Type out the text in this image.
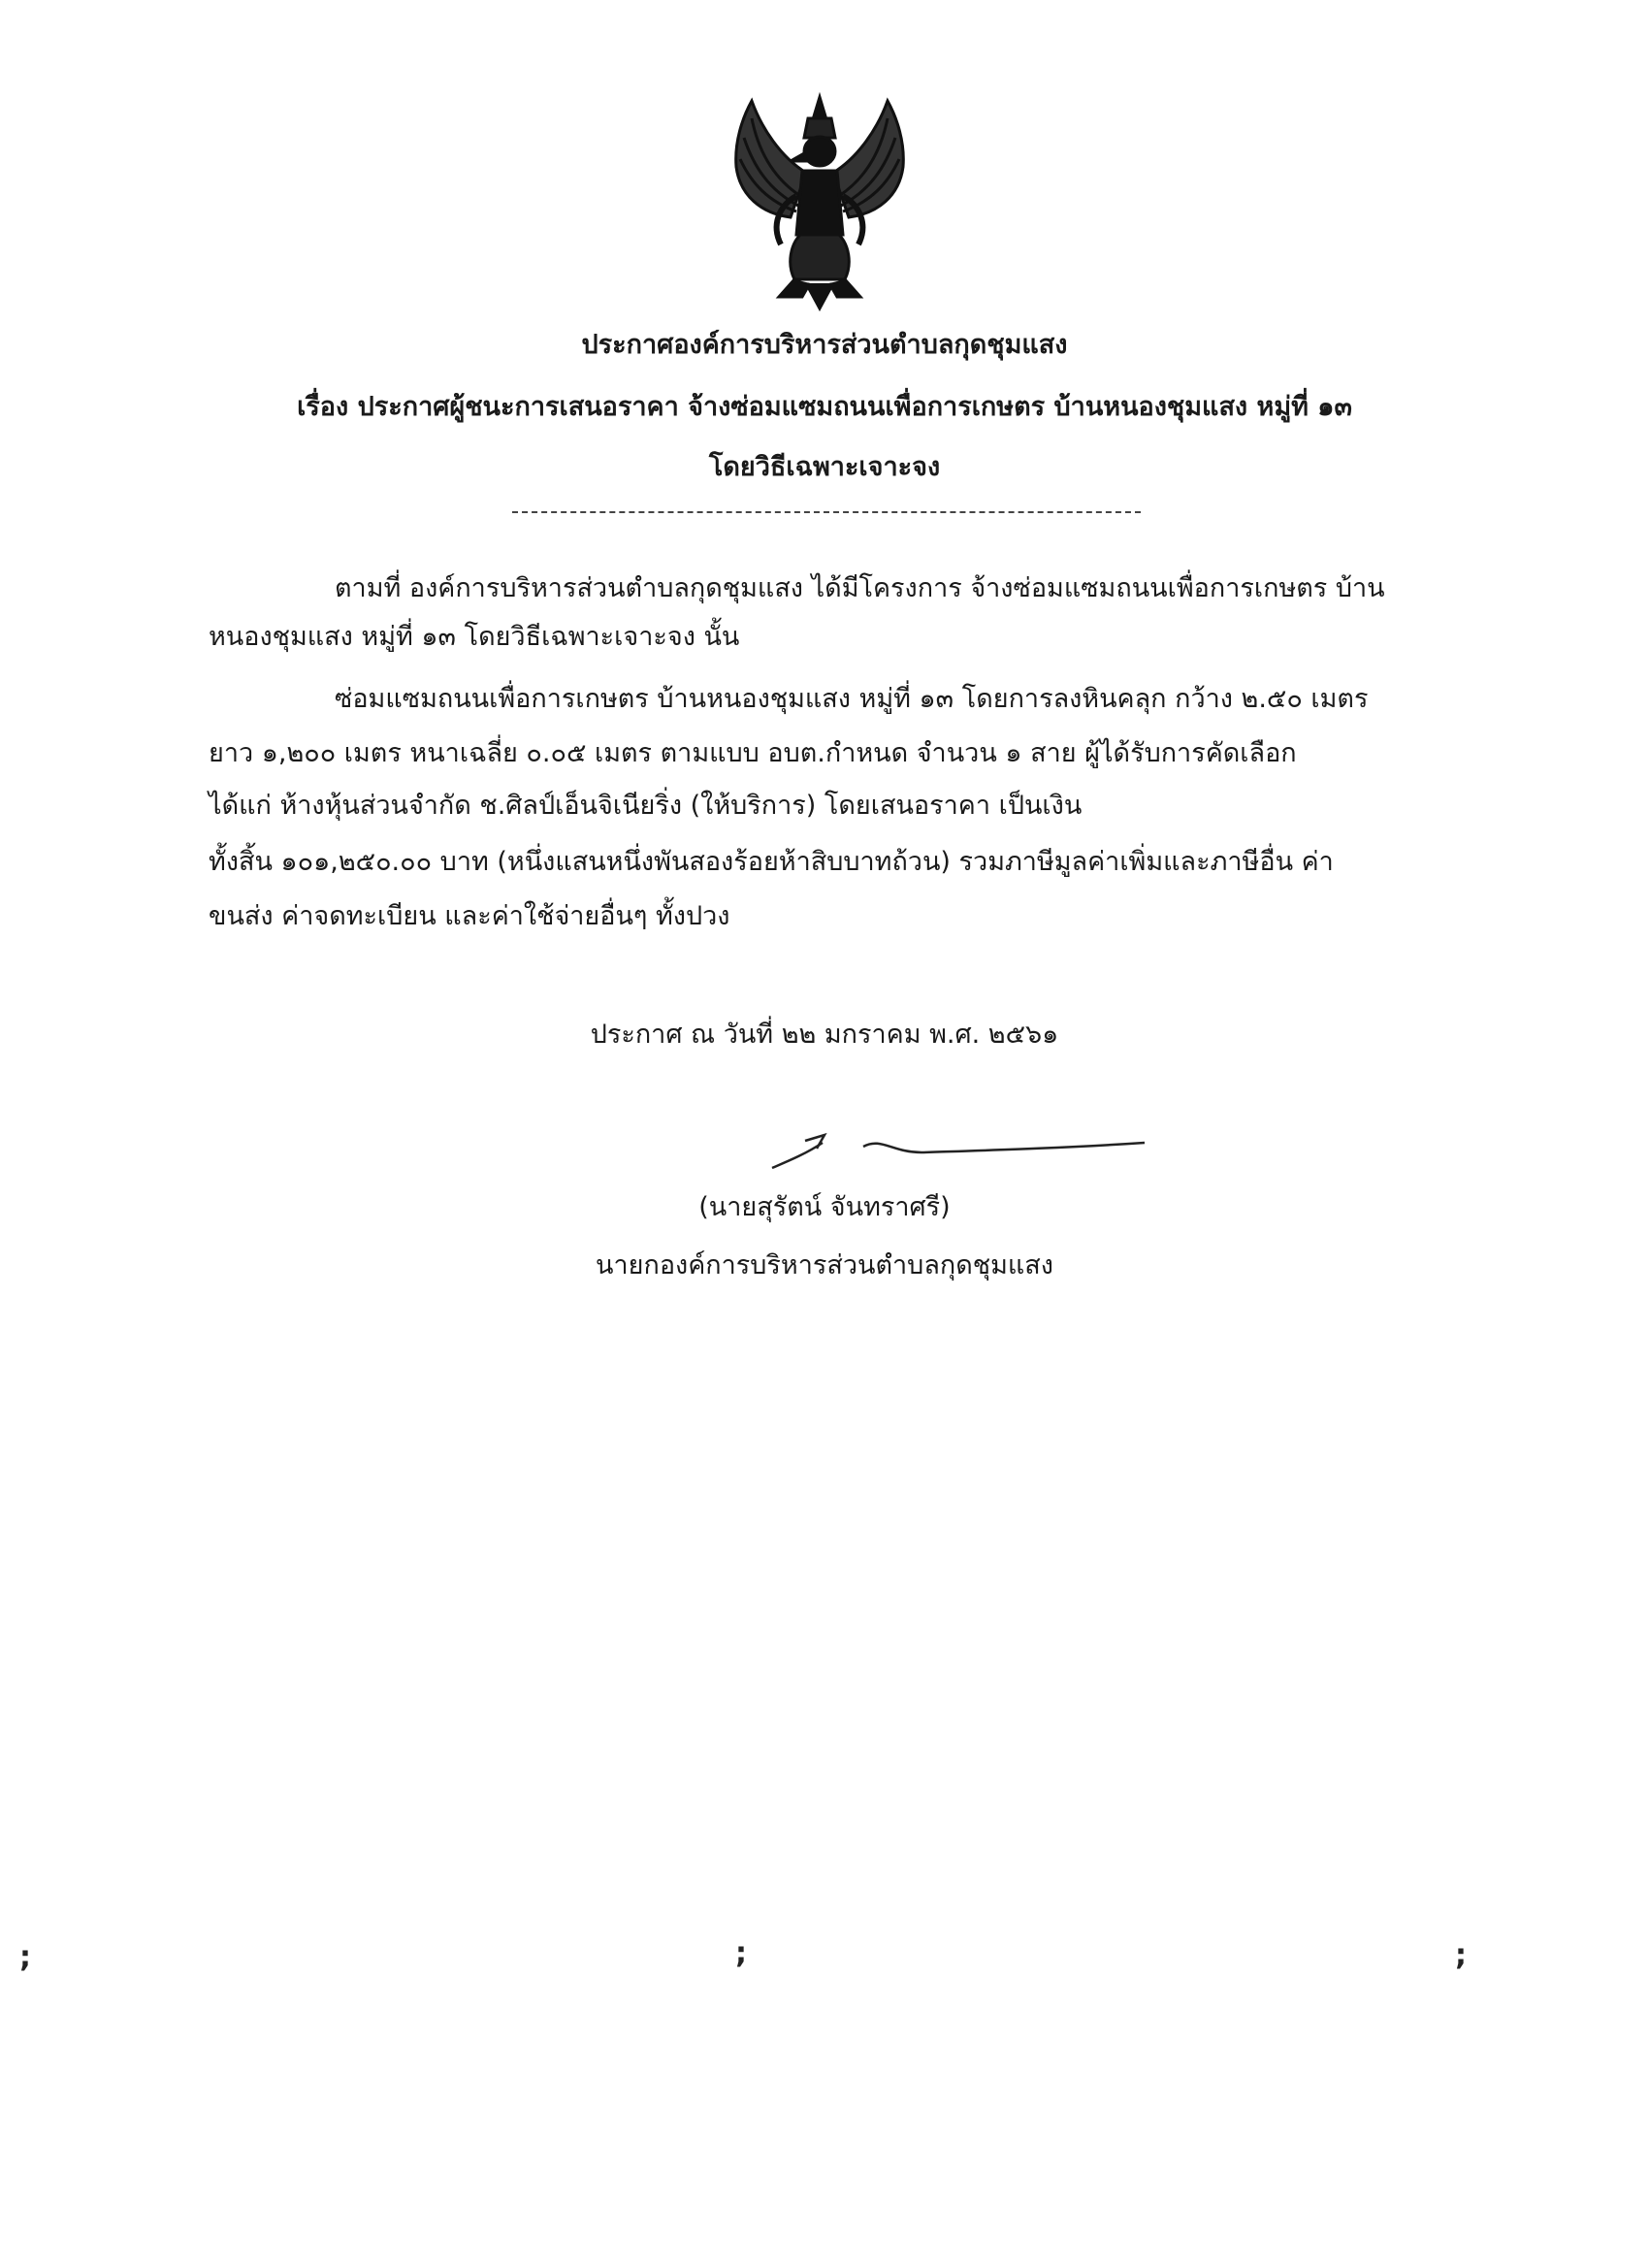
ประกาศองค์การบริหารส่วนตำบลกุดชุมแสง
เรื่อง ประกาศผู้ชนะการเสนอราคา จ้างซ่อมแซมถนนเพื่อการเกษตร บ้านหนองชุมแสง หมู่ที่ ๑๓
โดยวิธีเฉพาะเจาะจง
ตามที่ องค์การบริหารส่วนตำบลกุดชุมแสง ได้มีโครงการ จ้างซ่อมแซมถนนเพื่อการเกษตร บ้าน
หนองชุมแสง หมู่ที่ ๑๓ โดยวิธีเฉพาะเจาะจง นั้น
ซ่อมแซมถนนเพื่อการเกษตร บ้านหนองชุมแสง หมู่ที่ ๑๓ โดยการลงหินคลุก กว้าง ๒.๕๐ เมตร
ยาว ๑,๒๐๐ เมตร หนาเฉลี่ย ๐.๐๕ เมตร ตามแบบ อบต.กำหนด จำนวน ๑ สาย ผู้ได้รับการคัดเลือก
ได้แก่ ห้างหุ้นส่วนจำกัด ช.ศิลป์เอ็นจิเนียริ่ง (ให้บริการ) โดยเสนอราคา เป็นเงิน
ทั้งสิ้น ๑๐๑,๒๕๐.๐๐ บาท (หนึ่งแสนหนึ่งพันสองร้อยห้าสิบบาทถ้วน) รวมภาษีมูลค่าเพิ่มและภาษีอื่น ค่า
ขนส่ง ค่าจดทะเบียน และค่าใช้จ่ายอื่นๆ ทั้งปวง
ประกาศ ณ วันที่ ๒๒ มกราคม พ.ศ. ๒๕๖๑
(นายสุรัตน์ จันทราศรี)
นายกองค์การบริหารส่วนตำบลกุดชุมแสง
;	;	;
